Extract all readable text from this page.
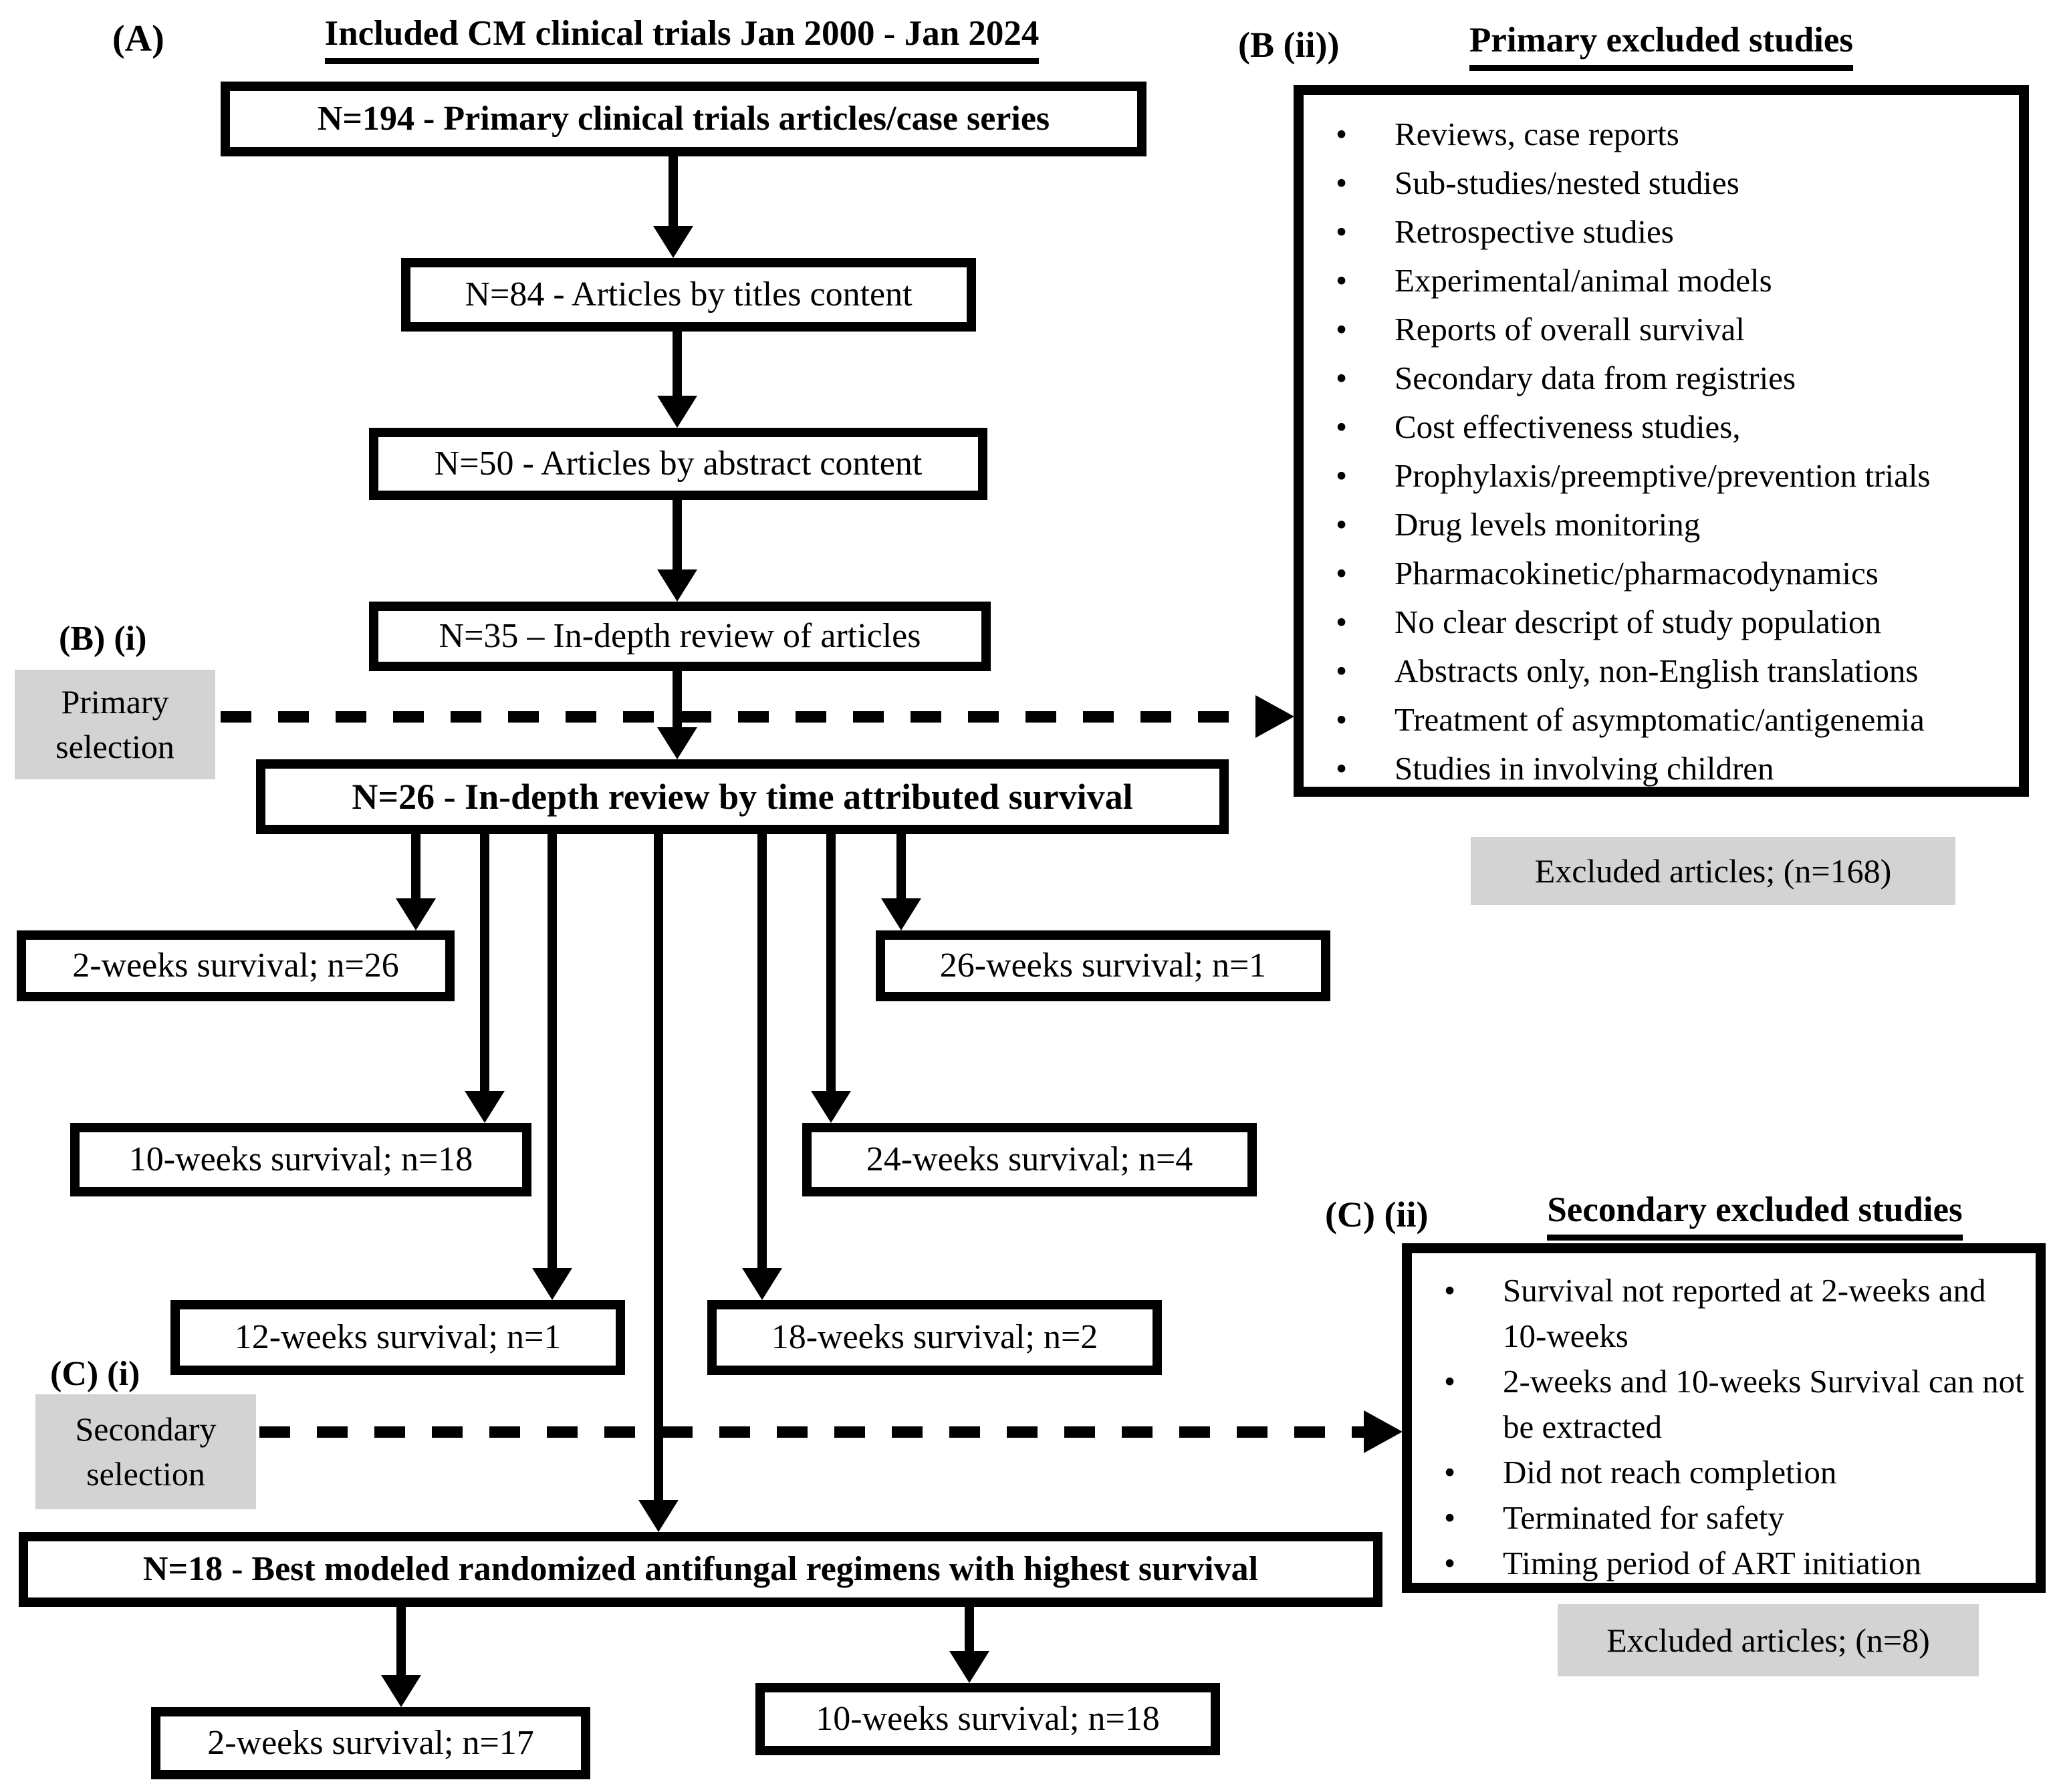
(A)	Included CM clinical trials Jan 2000 - Jan 2024
N=194 - Primary clinical trials articles/case series
N=84 - Articles by titles content
N=50 - Articles by abstract content
N=35 – In-depth review of articles
(B) (i)
Primary
selection
N=26 - In-depth review by time attributed survival
2-weeks survival; n=26	26-weeks survival; n=1
10-weeks survival; n=18	24-weeks survival; n=4
12-weeks survival; n=1	18-weeks survival; n=2
(C) (i)
Secondary
selection
N=18 - Best modeled randomized antifungal regimens with highest survival
2-weeks survival; n=17
10-weeks survival; n=18
(B (ii))	Primary excluded studies
•
Reviews, case reports
•
Sub-studies/nested studies
•
Retrospective studies
•
Experimental/animal models
•
Reports of overall survival
•
Secondary data from registries
•
Cost effectiveness studies,
•
Prophylaxis/preemptive/prevention trials
•
Drug levels monitoring
•
Pharmacokinetic/pharmacodynamics
•
No clear descript of study population
•
Abstracts only, non-English translations
•
Treatment of asymptomatic/antigenemia
•
Studies in involving children
Excluded articles; (n=168)
(C) (ii)	Secondary excluded studies
•
Survival not reported at 2-weeks and 10-weeks
•
2-weeks and 10-weeks Survival can not be extracted
•
Did not reach completion
•
Terminated for safety
•
Timing period of ART initiation
Excluded articles; (n=8)
